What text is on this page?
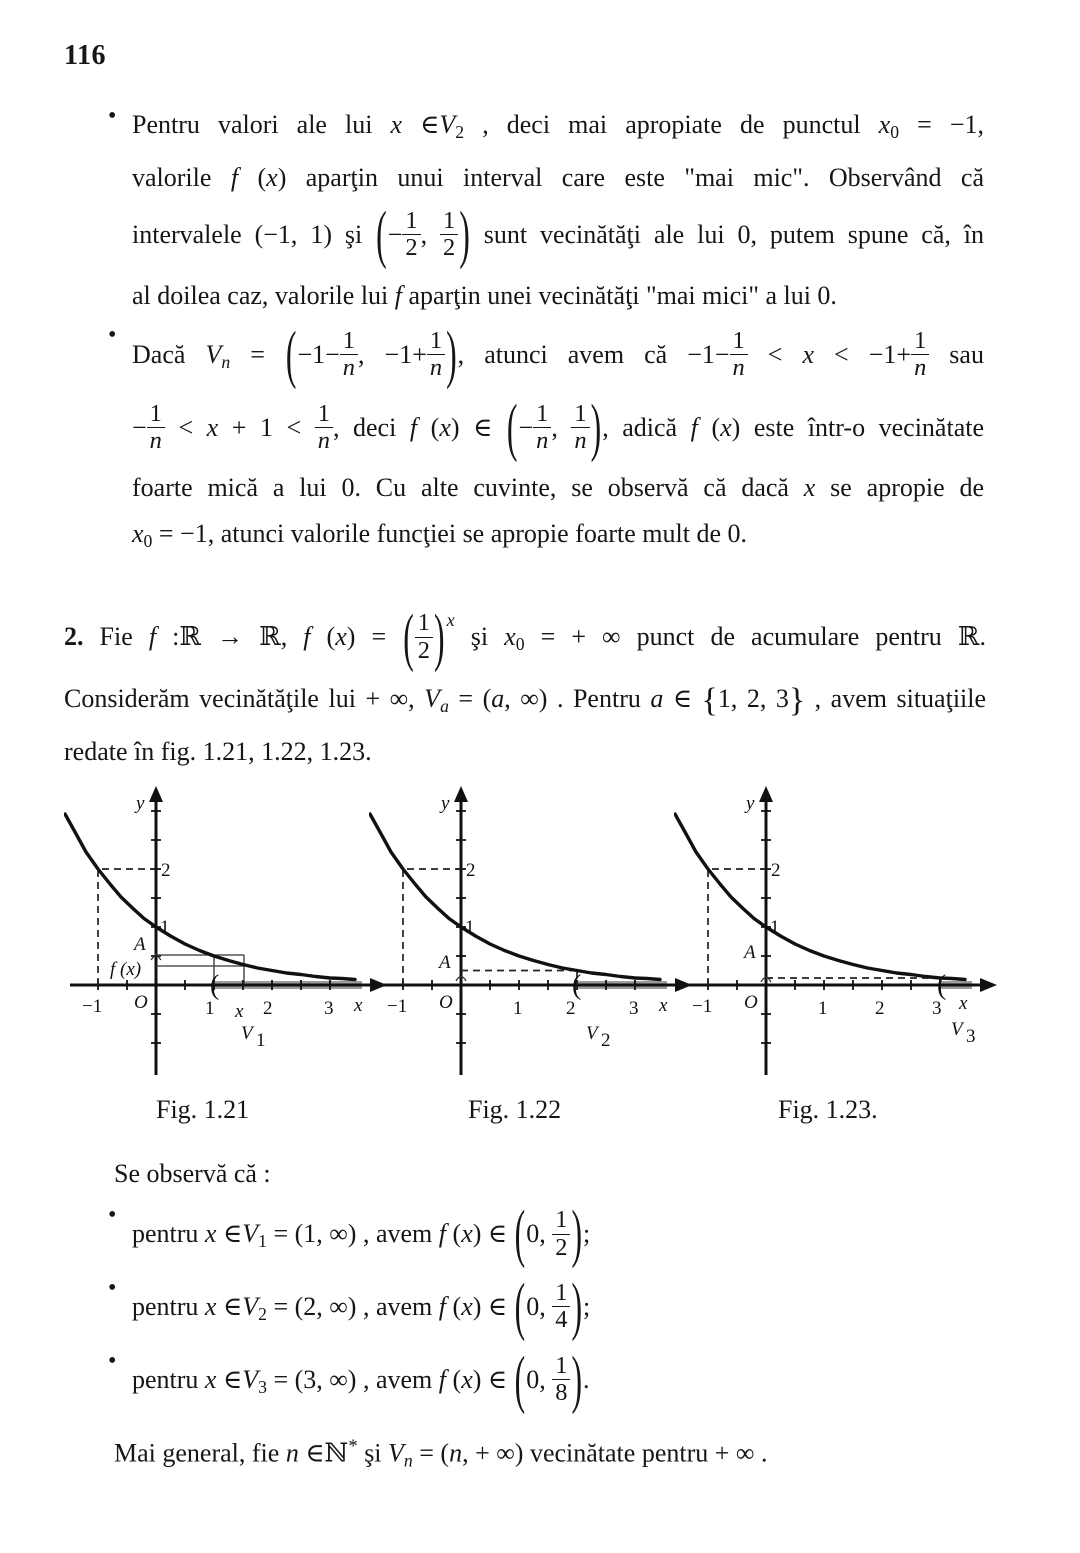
116
• Pentru valori ale lui x $\in V_2$ , deci mai apropiate de punctul $x_0 = -1$,
valorile f (x) aparţin unui interval care este "mai mic". Observând că
intervalele (−1, 1) şi (− $\frac{1}{2}$ , $\frac{1}{2}$ ) sunt vecinătăţi ale lui 0, putem spune că, în
al doilea caz, valorile lui f aparţin unei vecinătăţi "mai mici" a lui 0.
•
Dacă $Vn = (-1- \frac{1}{n}$ , $-1+ \frac{1}{n}$ ), atunci avem că $-1- \frac{1}{n} < x < -1+ \frac{1}{n}$ sau
− $\frac{1}{n} < x + 1 < \frac{1}{n}$ , deci f (x) ∈ (− $\frac{1}{n}$ , $\frac{1}{n}$ ), adică f (x) este într-o vecinătate
foarte mică a lui 0. Cu alte cuvinte, se observă că dacă x se apropie de
$x_0 = -1$, atunci valorile funcţiei se apropie foarte mult de 0.
2. Fie f :ℝ → ℝ, f (x) = ( $\frac{1}{2}$ ) $^x$ şi $x_0$ = + ∞ punct de acumulare pentru ℝ.
Considerăm vecinătăţile lui + ∞, Va = (a, ∞) . Pentru a ∈ {1, 2, 3} , avem situaţiile
redate în fig. 1.21, 1.22, 1.23.
(
y
2
1
A
f (x)
O
−1	1 x 2	3 x
V 1
(
y
2
1
A
O
−1	1 2	3 x
V 2
(
y
2
1
A
O
−1	1	2	3 x
V 3
Fig. 1.21	Fig. 1.22	Fig. 1.23.
Se observă că :
•
pentru x $\in V_1 = (1$, ∞) , avem f (x) ∈ (0, $\frac{1}{2}$ );
•
pentru x $\in V_2 = (2$, ∞) , avem f (x) ∈ (0, $\frac{1}{4}$ );
•
pentru x $\in V_3 = (3$, ∞) , avem f (x) ∈ (0, $\frac{1}{8}$ ).
Mai general, fie n ∈ℕ* şi Vn = (n, + ∞) vecinătate pentru + ∞ .
